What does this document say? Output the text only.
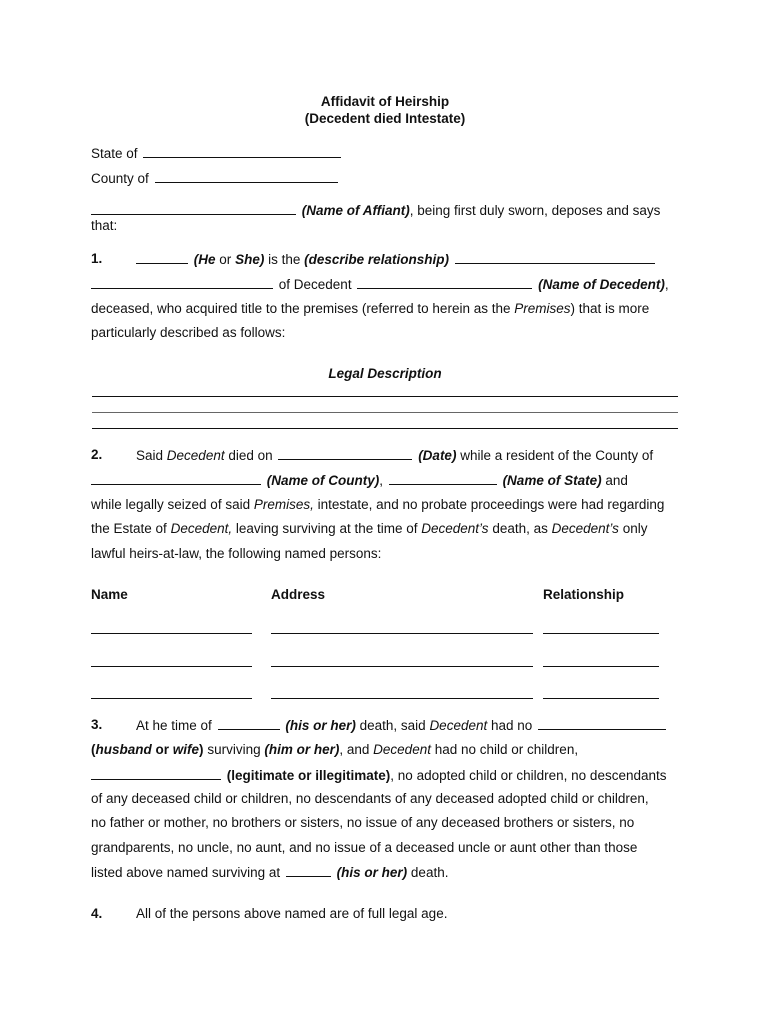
Affidavit of Heirship
(Decedent died Intestate)
State of
County of
(Name of Affiant), being first duly sworn, deposes and says
that:
1.	(He or She) is the (describe relationship)
of Decedent	(Name of Decedent),
deceased, who acquired title to the premises (referred to herein as the Premises) that is more
particularly described as follows:
Legal Description
2. Said Decedent died on	(Date) while a resident of the County of
(Name of County),	(Name of State) and
while legally seized of said Premises, intestate, and no probate proceedings were had regarding
the Estate of Decedent, leaving surviving at the time of Decedent’s death, as Decedent’s only
lawful heirs-at-law, the following named persons:
Name	Address	Relationship
3. At he time of	(his or her) death, said Decedent had no
(husband or wife) surviving (him or her), and Decedent had no child or children,
(legitimate or illegitimate), no adopted child or children, no descendants
of any deceased child or children, no descendants of any deceased adopted child or children,
no father or mother, no brothers or sisters, no issue of any deceased brothers or sisters, no
grandparents, no uncle, no aunt, and no issue of a deceased uncle or aunt other than those
listed above named surviving at	(his or her) death.
4. All of the persons above named are of full legal age.
